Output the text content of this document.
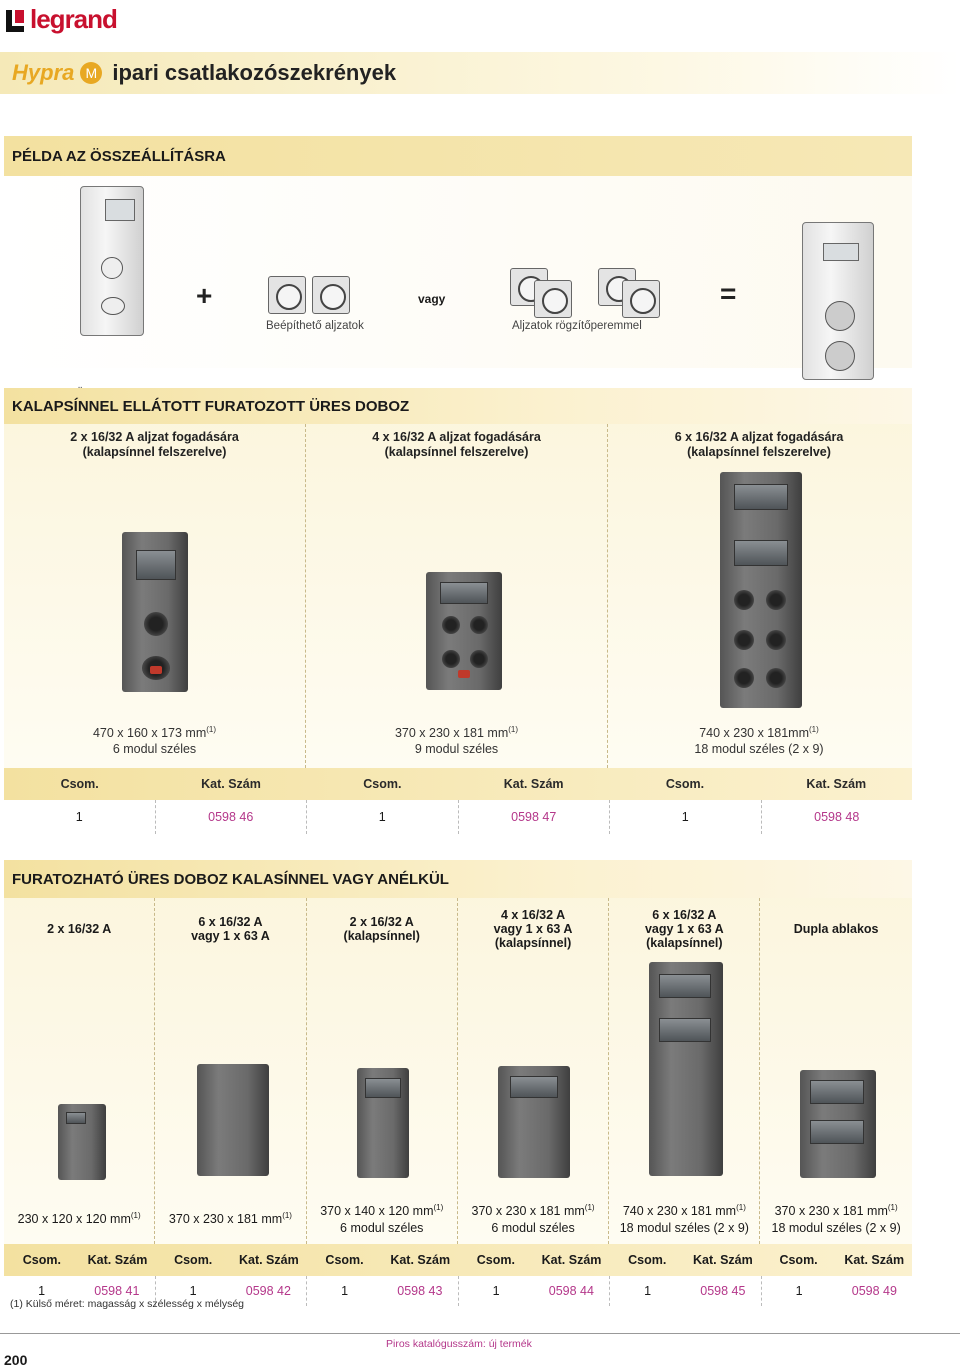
legrand
Hypra M ipari csatlakozószekrények
PÉLDA AZ ÖSSZEÁLLÍTÁSRA
+
Beépíthető aljzatok
vagy
Aljzatok rögzítőperemmel
=
KALAPSÍNNEL ELLÁTOTT FURATOZOTT ÜRES DOBOZ
2 x 16/32 A aljzat fogadására
(kalapsínnel felszerelve)
470 x 160 x 173 $mm^{(1)}$
6 modul széles
4 x 16/32 A aljzat fogadására
(kalapsínnel felszerelve)
370 x 230 x 181 $mm^{(1)}$
9 modul széles
6 x 16/32 A aljzat fogadására
(kalapsínnel felszerelve)
740 x 230 x $181mm^{(1)}$
18 modul széles (2 x 9)
Csom.	Kat. Szám	Csom.	Kat. Szám	Csom.	Kat. Szám
1	0598 46	1	0598 47	1	0598 48
FURATOZHATÓ ÜRES DOBOZ KALASÍNNEL VAGY ANÉLKÜL
2 x 16/32 A
230 x 120 x 120 $mm^{(1)}$
6 x 16/32 A
vagy 1 x 63 A
370 x 230 x 181 $mm^{(1)}$
2 x 16/32 A
(kalapsínnel)
370 x 140 x 120 $mm^{(1)}$
6 modul széles
4 x 16/32 A
vagy 1 x 63 A
(kalapsínnel)
370 x 230 x 181 $mm^{(1)}$
6 modul széles
6 x 16/32 A
vagy 1 x 63 A
(kalapsínnel)
740 x 230 x 181 $mm^{(1)}$
18 modul széles (2 x 9)
Dupla ablakos
370 x 230 x 181 $mm^{(1)}$
18 modul széles (2 x 9)
Csom.	Kat. Szám	Csom.	Kat. Szám	Csom.	Kat. Szám	Csom.	Kat. Szám	Csom.	Kat. Szám	Csom.	Kat. Szám
1	0598 41	1	0598 42	1	0598 43	1	0598 44	1	0598 45	1	0598 49
(1) Külső méret: magasság x szélesség x mélység
Piros katalógusszám: új termék
200
